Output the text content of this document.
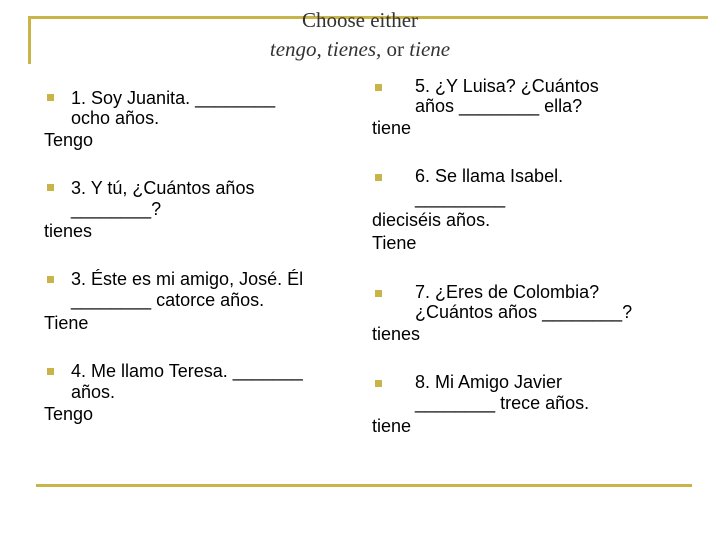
Choose either
tengo, tienes, or tiene
1. Soy Juanita. ________
ocho años.
Tengo
3. Y tú, ¿Cuántos años
________?
tienes
3. Éste es mi amigo, José. Él
________ catorce años.
Tiene
4. Me llamo Teresa. _______
años.
Tengo
5. ¿Y Luisa? ¿Cuántos
años ________ ella?
tiene
6. Se llama Isabel.
_________
dieciséis años.
Tiene
7. ¿Eres de Colombia?
¿Cuántos años ________?
tienes
8. Mi Amigo Javier
________ trece años.
tiene
